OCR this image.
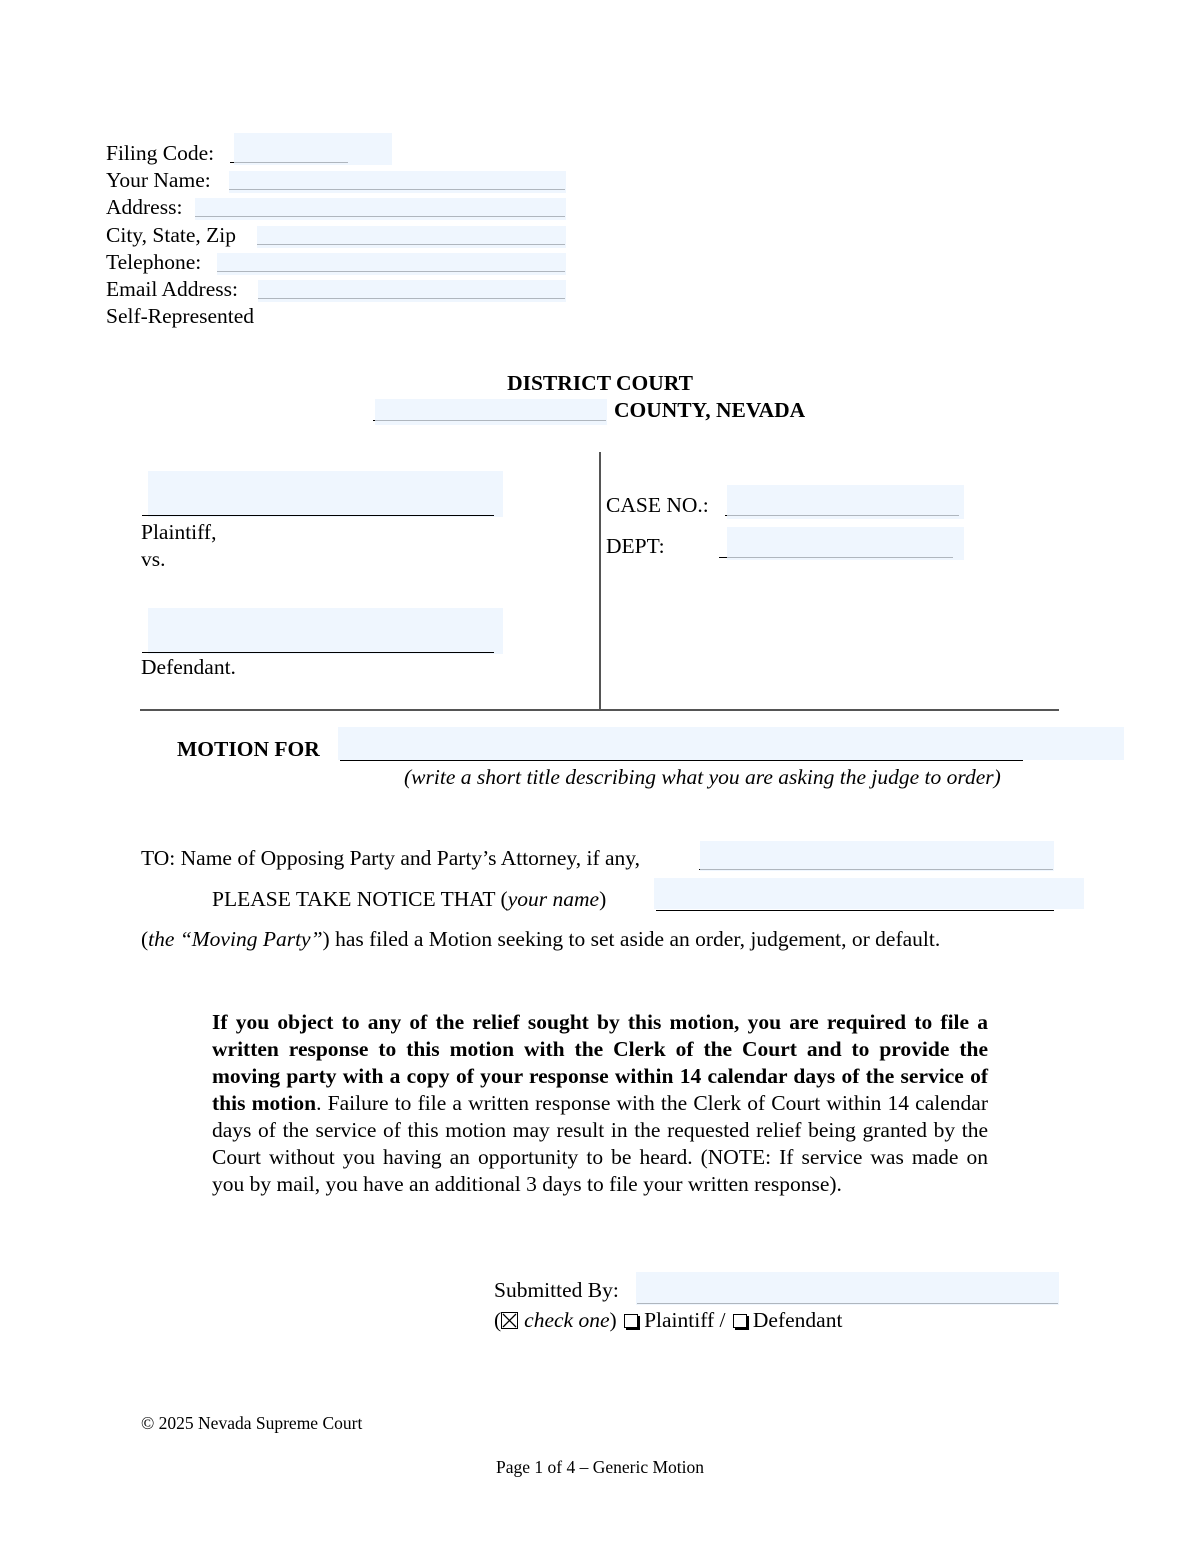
Filing Code:
Your Name:
Address:
City, State, Zip
Telephone:
Email Address:
Self-Represented
DISTRICT COURT
COUNTY, NEVADA
Plaintiff,
vs.
Defendant.
CASE NO.:
DEPT:
MOTION FOR
(write a short title describing what you are asking the judge to order)
TO: Name of Opposing Party and Party’s Attorney, if any,
PLEASE TAKE NOTICE THAT (your name)
(the “Moving Party”) has filed a Motion seeking to set aside an order, judgement, or default.
If you object to any of the relief sought by this motion, you are required to file a written response to this motion with the Clerk of the Court and to provide the moving party with a copy of your response within 14 calendar days of the service of this motion. Failure to file a written response with the Clerk of Court within 14 calendar days of the service of this motion may result in the requested relief being granted by the Court without you having an opportunity to be heard. (NOTE: If service was made on you by mail, you have an additional 3 days to file your written response).
Submitted By:
( check one) Plaintiff / Defendant
© 2025 Nevada Supreme Court
Page 1 of 4 – Generic Motion
